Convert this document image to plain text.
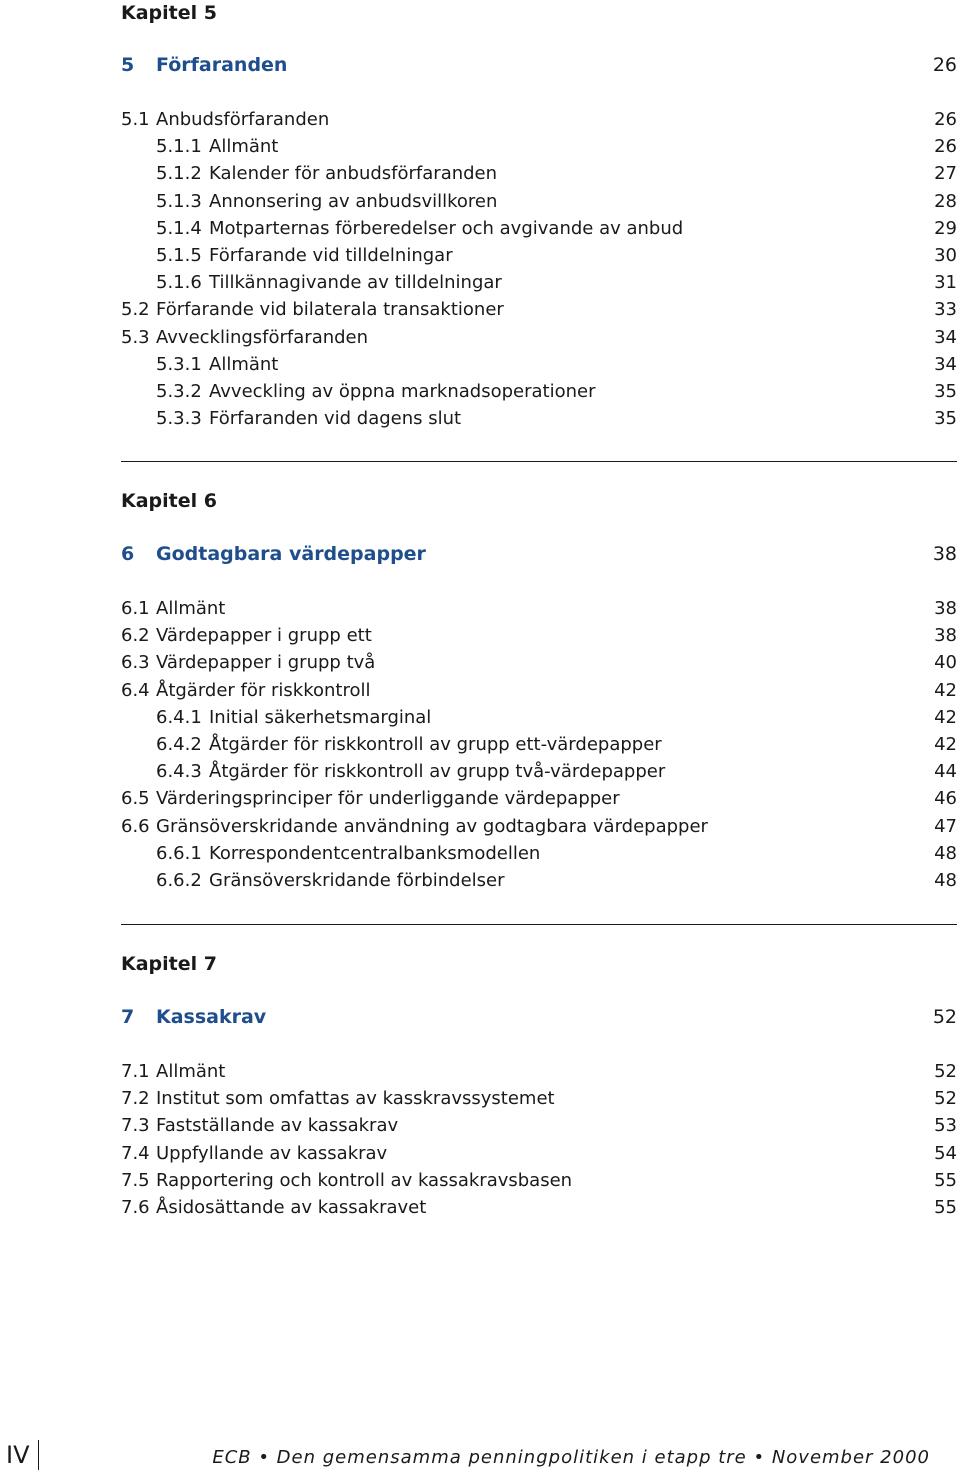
Kapitel 5
5 Förfaranden	26
5.1 Anbudsförfaranden	26
5.1.1 Allmänt	26
5.1.2 Kalender för anbudsförfaranden	27
5.1.3 Annonsering av anbudsvillkoren	28
5.1.4 Motparternas förberedelser och avgivande av anbud	29
5.1.5 Förfarande vid tilldelningar	30
5.1.6 Tillkännagivande av tilldelningar	31
5.2 Förfarande vid bilaterala transaktioner	33
5.3 Avvecklingsförfaranden	34
5.3.1 Allmänt	34
5.3.2 Avveckling av öppna marknadsoperationer	35
5.3.3 Förfaranden vid dagens slut	35
Kapitel 6
6 Godtagbara värdepapper	38
6.1 Allmänt	38
6.2 Värdepapper i grupp ett	38
6.3 Värdepapper i grupp två	40
6.4 Åtgärder för riskkontroll	42
6.4.1 Initial säkerhetsmarginal	42
6.4.2 Åtgärder för riskkontroll av grupp ett-värdepapper	42
6.4.3 Åtgärder för riskkontroll av grupp två-värdepapper	44
6.5 Värderingsprinciper för underliggande värdepapper	46
6.6 Gränsöverskridande användning av godtagbara värdepapper	47
6.6.1 Korrespondentcentralbanksmodellen	48
6.6.2 Gränsöverskridande förbindelser	48
Kapitel 7
7 Kassakrav	52
7.1 Allmänt	52
7.2 Institut som omfattas av kasskravssystemet	52
7.3 Fastställande av kassakrav	53
7.4 Uppfyllande av kassakrav	54
7.5 Rapportering och kontroll av kassakravsbasen	55
7.6 Åsidosättande av kassakravet	55
IV	ECB • Den gemensamma penningpolitiken i etapp tre • November 2000
